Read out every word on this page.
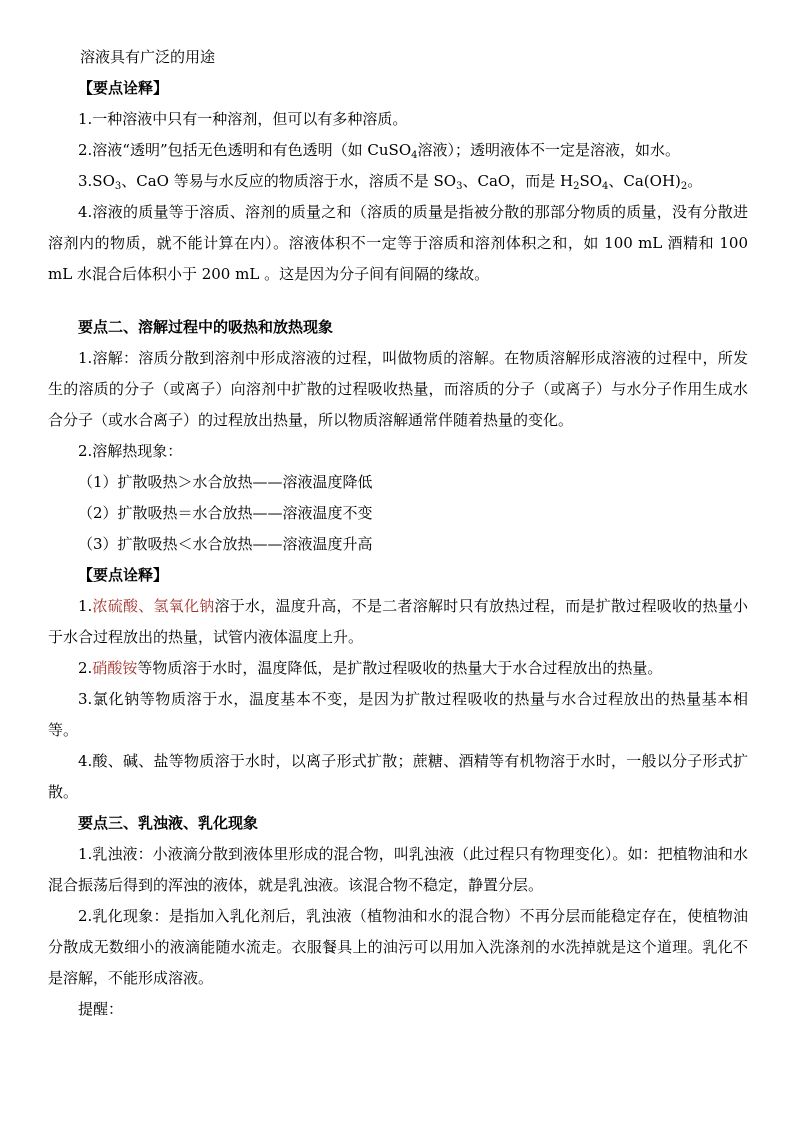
溶液具有广泛的用途

【要点诠释】

1.一种溶液中只有一种溶剂，但可以有多种溶质。

2.溶液“透明”包括无色透明和有色透明（如 CuSO$_4$溶液）；透明液体不一定是溶液，如水。

$3.SO_3$、CaO 等易与水反应的物质溶于水，溶质不是 $SO_3$、CaO，而是 $H_2SO_4$、$Ca(OH)_2$。

4.溶液的质量等于溶质、溶剂的质量之和（溶质的质量是指被分散的那部分物质的质量，没有分散进溶剂内的物质，就不能计算在内）。溶液体积不一定等于溶质和溶剂体积之和，如 100 mL 酒精和 100 mL 水混合后体积小于 200 mL 。这是因为分子间有间隔的缘故。

要点二、溶解过程中的吸热和放热现象

1.溶解：溶质分散到溶剂中形成溶液的过程，叫做物质的溶解。在物质溶解形成溶液的过程中，所发生的溶质的分子（或离子）向溶剂中扩散的过程吸收热量，而溶质的分子（或离子）与水分子作用生成水合分子（或水合离子）的过程放出热量，所以物质溶解通常伴随着热量的变化。

2.溶解热现象：

（1）扩散吸热＞水合放热——溶液温度降低

（2）扩散吸热＝水合放热——溶液温度不变

（3）扩散吸热＜水合放热——溶液温度升高

【要点诠释】

1.浓硫酸、氢氧化钠溶于水，温度升高，不是二者溶解时只有放热过程，而是扩散过程吸收的热量小于水合过程放出的热量，试管内液体温度上升。

2.硝酸铵等物质溶于水时，温度降低，是扩散过程吸收的热量大于水合过程放出的热量。

3.氯化钠等物质溶于水，温度基本不变，是因为扩散过程吸收的热量与水合过程放出的热量基本相等。

4.酸、碱、盐等物质溶于水时，以离子形式扩散；蔗糖、酒精等有机物溶于水时，一般以分子形式扩散。

要点三、乳浊液、乳化现象

1.乳浊液：小液滴分散到液体里形成的混合物，叫乳浊液（此过程只有物理变化）。如：把植物油和水混合振荡后得到的浑浊的液体，就是乳浊液。该混合物不稳定，静置分层。

2.乳化现象：是指加入乳化剂后，乳浊液（植物油和水的混合物）不再分层而能稳定存在，使植物油分散成无数细小的液滴能随水流走。衣服餐具上的油污可以用加入洗涤剂的水洗掉就是这个道理。乳化不是溶解，不能形成溶液。

提醒：
